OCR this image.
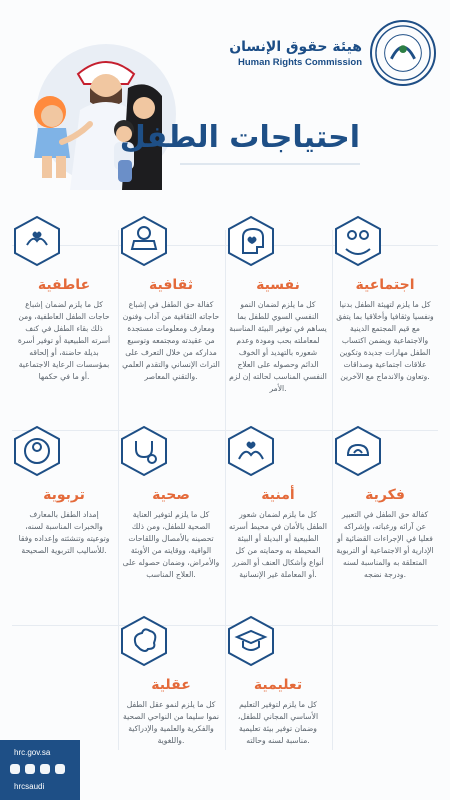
هيئة حقوق الإنسان
Human Rights Commission
احتياجات الطفل
اجتماعية
كل ما يلزم لتهيئة الطفل بدنيا ونفسيا وثقافيا وأخلاقيا بما يتفق مع قيم المجتمع الدينية والاجتماعية ويضمن اكتساب الطفل مهارات جديدة وتكوين علاقات اجتماعية وصداقات وتعاون والاندماج مع الآخرين.
نفسية
كل ما يلزم لضمان النمو النفسي السوي للطفل بما يساهم في توفير البيئة المناسبة لمعاملته بحب ومودة وعدم شعوره بالتهديد أو الخوف الدائم وحصوله على العلاج النفسي المناسب لحالته إن لزم الأمر.
ثقافية
كفالة حق الطفل في إشباع حاجاته الثقافية من آداب وفنون ومعارف ومعلومات مستجدة من عقيدته ومجتمعه وتوسيع مداركه من خلال التعرف على التراث الإنساني والتقدم العلمي والتقني المعاصر.
عاطفية
كل ما يلزم لضمان إشباع حاجات الطفل العاطفية، ومن ذلك بقاء الطفل في كنف أسرته الطبيعية أو توفير أسرة بديلة حاضنة، أو إلحاقه بمؤسسات الرعاية الاجتماعية أو ما في حكمها.
فكرية
كفالة حق الطفل في التعبير عن آرائه ورغباته، وإشراكه فعليا في الإجراءات القضائية أو الإدارية أو الاجتماعية أو التربوية المتعلقة به والمناسبة لسنه ودرجة نضجه.
أمنية
كل ما يلزم لضمان شعور الطفل بالأمان في محيط أسرته الطبيعية أو البديلة أو البيئة المحيطة به وحمايته من كل أنواع وأشكال العنف أو الضرر أو المعاملة غير الإنسانية.
صحية
كل ما يلزم لتوفير العناية الصحية للطفل، ومن ذلك تحصينه بالأمصال واللقاحات الواقية، ووقايته من الأوبئة والأمراض، وضمان حصوله على العلاج المناسب.
تربوية
إمداد الطفل بالمعارف والخبرات المناسبة لسنه، وتوعيته وتنشئته وإعداده وفقا للأساليب التربوية الصحيحة.
تعليمية
كل ما يلزم لتوفير التعليم الأساسي المجاني للطفل، وضمان توفير بيئة تعليمية مناسبة لسنه وحالته.
عقلية
كل ما يلزم لنمو عقل الطفل نموا سليما من النواحي الصحية والفكرية والعلمية والإدراكية واللغوية.
hrc.gov.sa
hrcsaudi
